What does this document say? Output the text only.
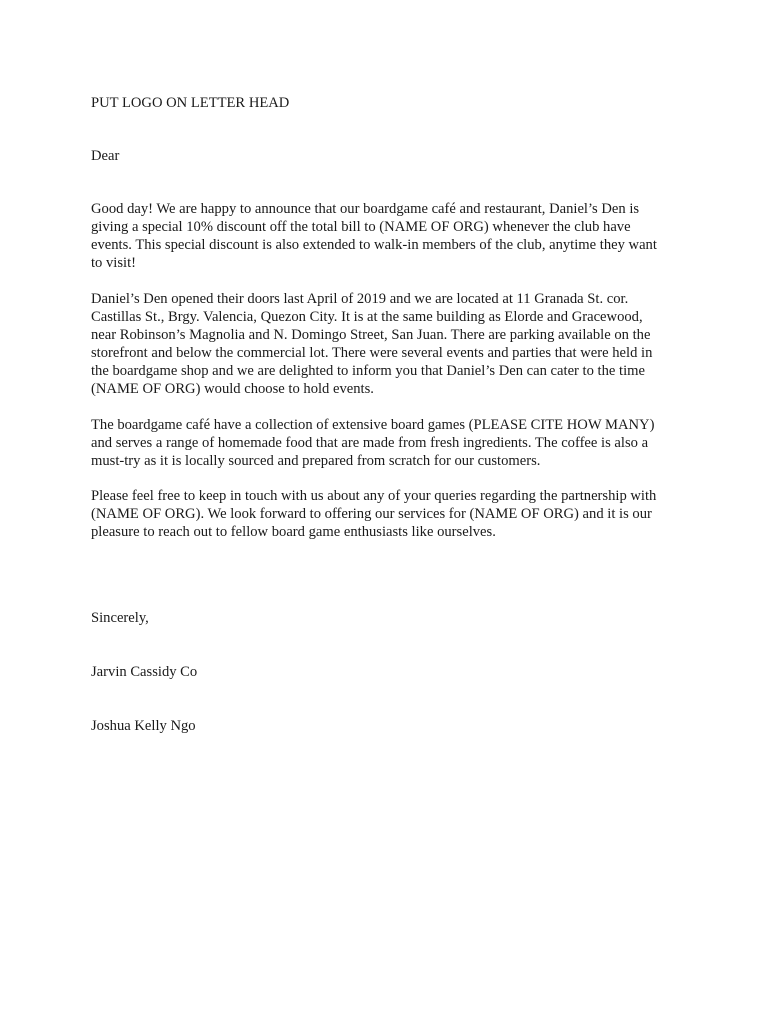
PUT LOGO ON LETTER HEAD

Dear

Good day! We are happy to announce that our boardgame café and restaurant, Daniel’s Den is
giving a special 10% discount off the total bill to (NAME OF ORG) whenever the club have
events. This special discount is also extended to walk-in members of the club, anytime they want
to visit!
Daniel’s Den opened their doors last April of 2019 and we are located at 11 Granada St. cor.
Castillas St., Brgy. Valencia, Quezon City. It is at the same building as Elorde and Gracewood,
near Robinson’s Magnolia and N. Domingo Street, San Juan. There are parking available on the
storefront and below the commercial lot. There were several events and parties that were held in
the boardgame shop and we are delighted to inform you that Daniel’s Den can cater to the time
(NAME OF ORG) would choose to hold events.
The boardgame café have a collection of extensive board games (PLEASE CITE HOW MANY)
and serves a range of homemade food that are made from fresh ingredients. The coffee is also a
must-try as it is locally sourced and prepared from scratch for our customers.
Please feel free to keep in touch with us about any of your queries regarding the partnership with
(NAME OF ORG). We look forward to offering our services for (NAME OF ORG) and it is our
pleasure to reach out to fellow board game enthusiasts like ourselves.

Sincerely,

Jarvin Cassidy Co

Joshua Kelly Ngo
